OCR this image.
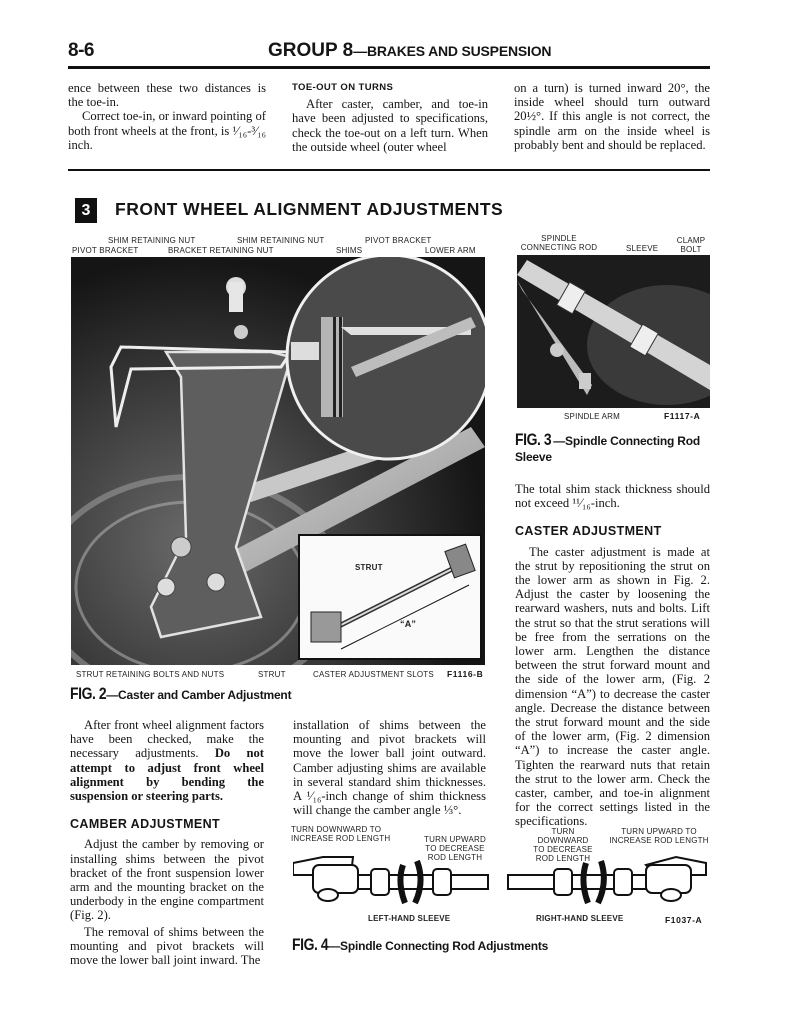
8-6	GROUP 8—BRAKES AND SUSPENSION

ence between these two distances is the toe-in.

Correct toe-in, or inward pointing of both front wheels at the front, is ¹⁄₁₆-³⁄₁₆ inch.

TOE-OUT ON TURNS

After caster, camber, and toe-in have been adjusted to specifications, check the toe-out on a left turn. When the outside wheel (outer wheel

on a turn) is turned inward 20°, the inside wheel should turn outward 20½°. If this angle is not correct, the spindle arm on the inside wheel is probably bent and should be replaced.

3	FRONT WHEEL ALIGNMENT ADJUSTMENTS
SHIM RETAINING NUT
PIVOT BRACKET	BRACKET RETAINING NUT
SHIM RETAINING NUT
SHIMS
PIVOT BRACKET
LOWER ARM
STRUT
“A”
STRUT RETAINING BOLTS AND NUTS	STRUT	CASTER ADJUSTMENT SLOTS F1116-B
FIG. 2—Caster and Camber Adjustment
SPINDLE
CONNECTING ROD	SLEEVE
CLAMP
BOLT
SPINDLE ARM	F1117-A
FIG. 3 —Spindle Connecting Rod Sleeve

The total shim stack thickness should not exceed ¹¹⁄₁₆-inch.

CASTER ADJUSTMENT

The caster adjustment is made at the strut by repositioning the strut on the lower arm as shown in Fig. 2. Adjust the caster by loosening the rearward washers, nuts and bolts. Lift the strut so that the strut serations will be free from the serrations on the lower arm. Lengthen the distance between the strut forward mount and the side of the lower arm, (Fig. 2 dimension “A”) to decrease the caster angle. Decrease the distance between the strut forward mount and the side of the lower arm, (Fig. 2 dimension “A”) to increase the caster angle. Tighten the rearward nuts that retain the strut to the lower arm. Check the caster, camber, and toe-in alignment for the correct settings listed in the specifications.

After front wheel alignment factors have been checked, make the necessary adjustments. Do not attempt to adjust front wheel alignment by bending the suspension or steering parts.

CAMBER ADJUSTMENT

Adjust the camber by removing or installing shims between the pivot bracket of the front suspension lower arm and the mounting bracket on the underbody in the engine compartment (Fig. 2).

The removal of shims between the mounting and pivot brackets will move the lower ball joint inward. The

installation of shims between the mounting and pivot brackets will move the lower ball joint outward. Camber adjusting shims are available in several standard shim thicknesses. A ¹⁄₁₆-inch change of shim thickness will change the camber angle ⅓°.

TURN DOWNWARD TO
INCREASE ROD LENGTH	TURN UPWARD
TO DECREASE
ROD LENGTH
LEFT-HAND SLEEVE
TURN
DOWNWARD
TO DECREASE
ROD LENGTH
TURN UPWARD TO
INCREASE ROD LENGTH
RIGHT-HAND SLEEVE	F1037-A
FIG. 4—Spindle Connecting Rod Adjustments
